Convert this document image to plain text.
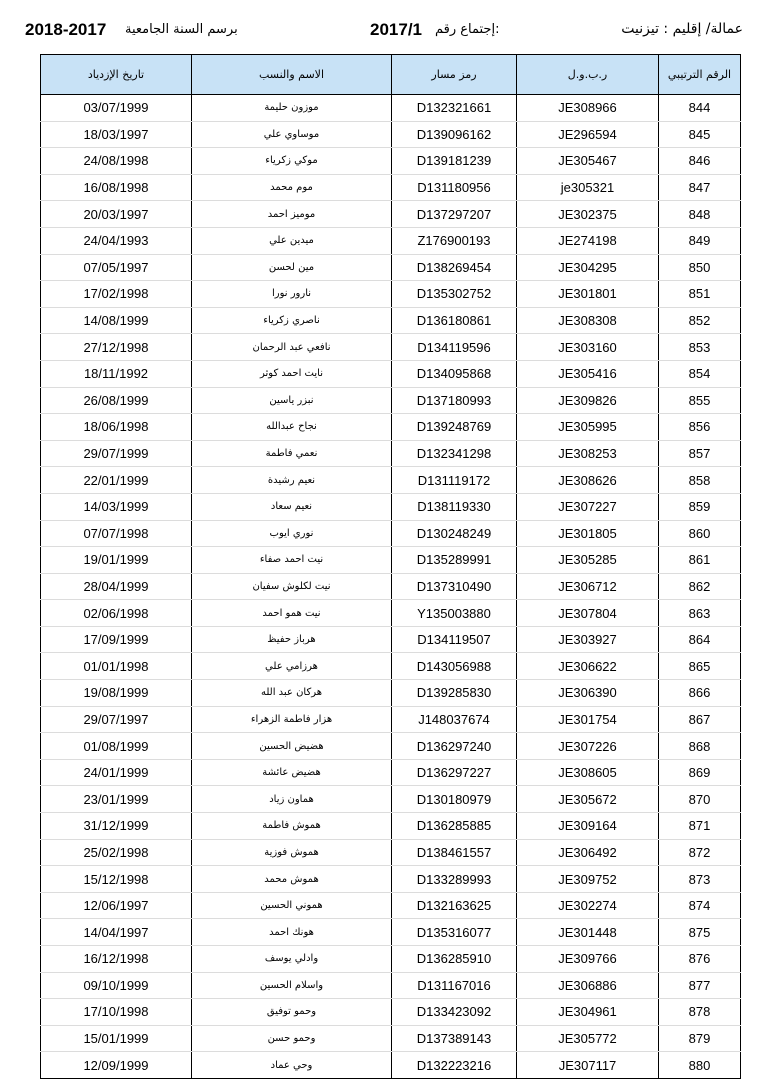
2018-2017 برسم السنة الجامعية	2017/1 إجتماع رقم:	عمالة/ إقليم : تيزنيت
تاريخ الإزدياد	الاسم والنسب	رمز مسار	ر.ب.و.ل	الرقم الترتيبي
03/07/1999	موزون حليمة	D132321661	JE308966	844
18/03/1997	موساوي علي	D139096162	JE296594	845
24/08/1998	موكي زكرياء	D139181239	JE305467	846
16/08/1998	موم محمد	D131180956	je305321	847
20/03/1997	موميز احمد	D137297207	JE302375	848
24/04/1993	ميدين علي	Z176900193	JE274198	849
07/05/1997	مين لحسن	D138269454	JE304295	850
17/02/1998	نارور نورا	D135302752	JE301801	851
14/08/1999	ناصري زكرياء	D136180861	JE308308	852
27/12/1998	نافعي عبد الرحمان	D134119596	JE303160	853
18/11/1992	نايت احمد كوثر	D134095868	JE305416	854
26/08/1999	نبزر ياسين	D137180993	JE309826	855
18/06/1998	نجاح عبدالله	D139248769	JE305995	856
29/07/1999	نعمي فاطمة	D132341298	JE308253	857
22/01/1999	نعيم رشيدة	D131119172	JE308626	858
14/03/1999	نعيم سعاد	D138119330	JE307227	859
07/07/1998	نوري ايوب	D130248249	JE301805	860
19/01/1999	نيت احمد صفاء	D135289991	JE305285	861
28/04/1999	نيت لكلوش سفيان	D137310490	JE306712	862
02/06/1998	نيت همو احمد	Y135003880	JE307804	863
17/09/1999	هرباز حفيظ	D134119507	JE303927	864
01/01/1998	هرزامي علي	D143056988	JE306622	865
19/08/1999	هركان عبد الله	D139285830	JE306390	866
29/07/1997	هزار فاطمة الزهراء	J148037674	JE301754	867
01/08/1999	هضيض الحسين	D136297240	JE307226	868
24/01/1999	هضيض عائشة	D136297227	JE308605	869
23/01/1999	هماون زياد	D130180979	JE305672	870
31/12/1999	هموش فاطمة	D136285885	JE309164	871
25/02/1998	هموش فوزية	D138461557	JE306492	872
15/12/1998	هموش محمد	D133289993	JE309752	873
12/06/1997	هموني الحسين	D132163625	JE302274	874
14/04/1997	هونك احمد	D135316077	JE301448	875
16/12/1998	وادلي يوسف	D136285910	JE309766	876
09/10/1999	واسلام الحسين	D131167016	JE306886	877
17/10/1998	وحمو توفيق	D133423092	JE304961	878
15/01/1999	وحمو حسن	D137389143	JE305772	879
12/09/1999	وحي عماد	D132223216	JE307117	880
